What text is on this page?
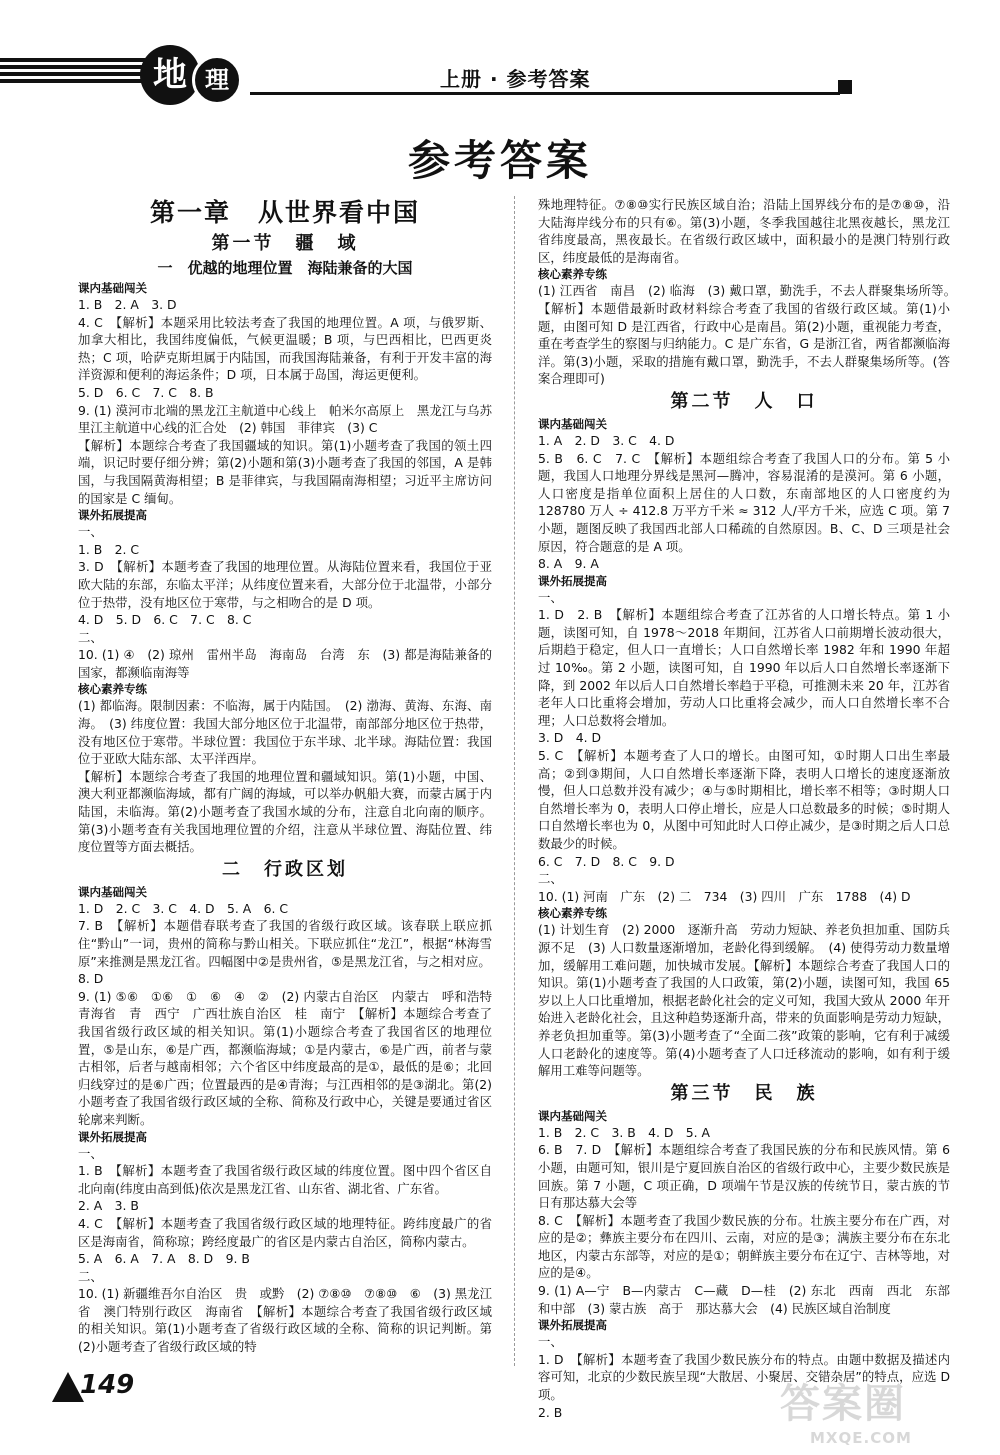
地 理	上册 · 参考答案
参考答案
第一章　从世界看中国
第一节　疆　域
一　优越的地理位置　海陆兼备的大国
课内基础闯关
1. B　2. A　3. D
4. C　【解析】本题采用比较法考查了我国的地理位置。A 项，与俄罗斯、加拿大相比，我国纬度偏低，气候更温暖；B 项，与巴西相比，巴西更炎热；C 项，哈萨克斯坦属于内陆国，而我国海陆兼备，有利于开发丰富的海洋资源和便利的海运条件；D 项，日本属于岛国，海运更便利。
5. D　6. C　7. C　8. B
9. (1) 漠河市北端的黑龙江主航道中心线上　帕米尔高原上　黑龙江与乌苏里江主航道中心线的汇合处　(2) 韩国　菲律宾　(3) C
【解析】本题综合考查了我国疆域的知识。第(1)小题考查了我国的领土四端，识记时要仔细分辨；第(2)小题和第(3)小题考查了我国的邻国，A 是韩国，与我国隔黄海相望；B 是菲律宾，与我国隔南海相望；习近平主席访问的国家是 C 缅甸。
课外拓展提高
一、
1. B　2. C
3. D　【解析】本题考查了我国的地理位置。从海陆位置来看，我国位于亚欧大陆的东部，东临太平洋；从纬度位置来看，大部分位于北温带，小部分位于热带，没有地区位于寒带，与之相吻合的是 D 项。
4. D　5. D　6. C　7. C　8. C
二、
10. (1) ④　(2) 琼州　雷州半岛　海南岛　台湾　东　(3) 都是海陆兼备的国家，都濒临南海等
核心素养专练
(1) 都临海。限制因素：不临海，属于内陆国。　(2) 渤海、黄海、东海、南海。　(3) 纬度位置：我国大部分地区位于北温带，南部部分地区位于热带，没有地区位于寒带。半球位置：我国位于东半球、北半球。海陆位置：我国位于亚欧大陆东部、太平洋西岸。
【解析】本题综合考查了我国的地理位置和疆域知识。第(1)小题，中国、澳大利亚都濒临海域，都有广阔的海域，可以举办帆船大赛，而蒙古属于内陆国，未临海。第(2)小题考查了我国水域的分布，注意自北向南的顺序。第(3)小题考查有关我国地理位置的介绍，注意从半球位置、海陆位置、纬度位置等方面去概括。
二　行政区划
课内基础闯关
1. D　2. C　3. C　4. D　5. A　6. C
7. B　【解析】本题借春联考查了我国的省级行政区域。该春联上联应抓住“黔山”一词，贵州的简称与黔山相关。下联应抓住“龙江”，根据“林海雪原”来推测是黑龙江省。四幅图中②是贵州省，⑤是黑龙江省，与之相对应。
8. D
9. (1) ⑤⑥　①⑥　①　⑥　④　②　(2) 内蒙古自治区　内蒙古　呼和浩特　青海省　青　西宁　广西壮族自治区　桂　南宁　【解析】本题综合考查了我国省级行政区域的相关知识。第(1)小题综合考查了我国省区的地理位置，⑤是山东，⑥是广西，都濒临海域；①是内蒙古，⑥是广西，前者与蒙古相邻，后者与越南相邻；六个省区中纬度最高的是①，最低的是⑥；北回归线穿过的是⑥广西；位置最西的是④青海；与江西相邻的是③湖北。第(2)小题考查了我国省级行政区域的全称、简称及行政中心，关键是要通过省区轮廓来判断。
课外拓展提高
一、
1. B　【解析】本题考查了我国省级行政区域的纬度位置。图中四个省区自北向南(纬度由高到低)依次是黑龙江省、山东省、湖北省、广东省。
2. A　3. B
4. C　【解析】本题考查了我国省级行政区域的地理特征。跨纬度最广的省区是海南省，简称琼；跨经度最广的省区是内蒙古自治区，简称内蒙古。
5. A　6. A　7. A　8. D　9. B
二、
10. (1) 新疆维吾尔自治区　贵　或黔　(2) ⑦⑧⑩　⑦⑧⑩　⑥　(3) 黑龙江省　澳门特别行政区　海南省　【解析】本题综合考查了我国省级行政区域的相关知识。第(1)小题考查了省级行政区域的全称、简称的识记判断。第(2)小题考查了省级行政区域的特
殊地理特征。⑦⑧⑩实行民族区域自治；沿陆上国界线分布的是⑦⑧⑩，沿大陆海岸线分布的只有⑥。第(3)小题，冬季我国越往北黑夜越长，黑龙江省纬度最高，黑夜最长。在省级行政区域中，面积最小的是澳门特别行政区，纬度最低的是海南省。
核心素养专练
(1) 江西省　南昌　(2) 临海　(3) 戴口罩，勤洗手，不去人群聚集场所等。　【解析】本题借最新时政材料综合考查了我国的省级行政区域。第(1)小题，由图可知 D 是江西省，行政中心是南昌。第(2)小题，重视能力考查，重在考查学生的察图与归纳能力。C 是广东省，G 是浙江省，两省都濒临海洋。第(3)小题，采取的措施有戴口罩，勤洗手，不去人群聚集场所等。(答案合理即可)
第二节　人　口
课内基础闯关
1. A　2. D　3. C　4. D
5. B　6. C　7. C　【解析】本题组综合考查了我国人口的分布。第 5 小题，我国人口地理分界线是黑河—腾冲，容易混淆的是漠河。第 6 小题，人口密度是指单位面积上居住的人口数，东南部地区的人口密度约为 128780 万人 ÷ 412.8 万平方千米 ≈ 312 人/平方千米，应选 C 项。第 7 小题，题图反映了我国西北部人口稀疏的自然原因。B、C、D 三项是社会原因，符合题意的是 A 项。
8. A　9. A
课外拓展提高
一、
1. D　2. B　【解析】本题组综合考查了江苏省的人口增长特点。第 1 小题，读图可知，自 1978～2018 年期间，江苏省人口前期增长波动很大，后期趋于稳定，但人口一直增长；人口自然增长率 1982 年和 1990 年超过 10‰。第 2 小题，读图可知，自 1990 年以后人口自然增长率逐渐下降，到 2002 年以后人口自然增长率趋于平稳，可推测未来 20 年，江苏省老年人口比重将会增加，劳动人口比重将会减少，而人口自然增长率不合理；人口总数将会增加。
3. D　4. D
5. C　【解析】本题考查了人口的增长。由图可知，①时期人口出生率最高；②到③期间，人口自然增长率逐渐下降，表明人口增长的速度逐渐放慢，但人口总数并没有减少；④与⑤时期相比，增长率不相等；③时期人口自然增长率为 0，表明人口停止增长，应是人口总数最多的时候；⑤时期人口自然增长率也为 0，从图中可知此时人口停止减少，是③时期之后人口总数最少的时候。
6. C　7. D　8. C　9. D
二、
10. (1) 河南　广东　(2) 二　734　(3) 四川　广东　1788　(4) D
核心素养专练
(1) 计划生育　(2) 2000　逐渐升高　劳动力短缺、养老负担加重、国防兵源不足　(3) 人口数量逐渐增加，老龄化得到缓解。　(4) 使得劳动力数量增加，缓解用工难问题，加快城市发展。【解析】本题综合考查了我国人口的知识。第(1)小题考查了我国的人口政策，第(2)小题，读图可知，我国 65 岁以上人口比重增加，根据老龄化社会的定义可知，我国大致从 2000 年开始进入老龄化社会，且这种趋势逐渐升高，带来的负面影响是劳动力短缺，养老负担加重等。第(3)小题考查了“全面二孩”政策的影响，它有利于减缓人口老龄化的速度等。第(4)小题考查了人口迁移流动的影响，如有利于缓解用工难等问题等。
第三节　民　族
课内基础闯关
1. B　2. C　3. B　4. D　5. A
6. B　7. D　【解析】本题组综合考查了我国民族的分布和民族风情。第 6 小题，由题可知，银川是宁夏回族自治区的省级行政中心，主要少数民族是回族。第 7 小题，C 项正确，D 项端午节是汉族的传统节日，蒙古族的节日有那达慕大会等
8. C　【解析】本题考查了我国少数民族的分布。壮族主要分布在广西，对应的是②；彝族主要分布在四川、云南，对应的是③；满族主要分布在东北地区，内蒙古东部等，对应的是①；朝鲜族主要分布在辽宁、吉林等地，对应的是④。
9. (1) A—宁　B—内蒙古　C—藏　D—桂　(2) 东北　西南　西北　东部和中部　(3) 蒙古族　高于　那达慕大会　(4) 民族区域自治制度
课外拓展提高
一、
1. D　【解析】本题考查了我国少数民族分布的特点。由题中数据及描述内容可知，北京的少数民族呈现“大散居、小聚居、交错杂居”的特点，应选 D 项。
2. B
149	答案圈
MXQE.COM
